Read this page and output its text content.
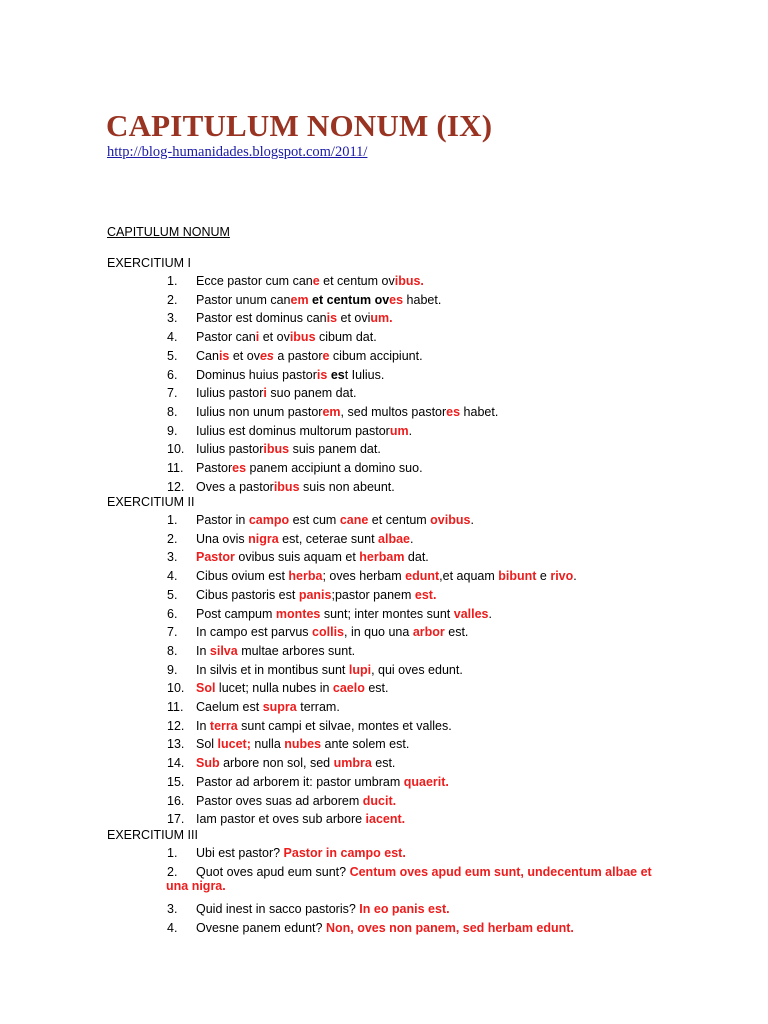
CAPITULUM NONUM (IX)
http://blog-humanidades.blogspot.com/2011/
CAPITULUM NONUM
EXERCITIUM I
1. Ecce pastor cum cane et centum ovibus.
2. Pastor unum canem et centum oves habet.
3. Pastor est dominus canis et ovium.
4. Pastor cani et ovibus cibum dat.
5. Canis et oves a pastore cibum accipiunt.
6. Dominus huius pastoris est Iulius.
7. Iulius pastori suo panem dat.
8. Iulius non unum pastorem, sed multos pastores habet.
9. Iulius est dominus multorum pastorum.
10. Iulius pastoribus suis panem dat.
11. Pastores panem accipiunt a domino suo.
12. Oves a pastoribus suis non abeunt.
EXERCITIUM II
1. Pastor in campo est cum cane et centum ovibus.
2. Una ovis nigra est, ceterae sunt albae.
3. Pastor ovibus suis aquam et herbam dat.
4. Cibus ovium est herba; oves herbam edunt,et aquam bibunt e rivo.
5. Cibus pastoris est panis;pastor panem est.
6. Post campum montes sunt; inter montes sunt valles.
7. In campo est parvus collis, in quo una arbor est.
8. In silva multae arbores sunt.
9. In silvis et in montibus sunt lupi, qui oves edunt.
10. Sol lucet; nulla nubes in caelo est.
11. Caelum est supra terram.
12. In terra sunt campi et silvae, montes et valles.
13. Sol lucet; nulla nubes ante solem est.
14. Sub arbore non sol, sed umbra est.
15. Pastor ad arborem it: pastor umbram quaerit.
16. Pastor oves suas ad arborem ducit.
17. Iam pastor et oves sub arbore iacent.
EXERCITIUM III
1. Ubi est pastor? Pastor in campo est.
2. Quot oves apud eum sunt? Centum oves apud eum sunt, undecentum albae et
una nigra.
3. Quid inest in sacco pastoris? In eo panis est.
4. Ovesne panem edunt? Non, oves non panem, sed herbam edunt.
